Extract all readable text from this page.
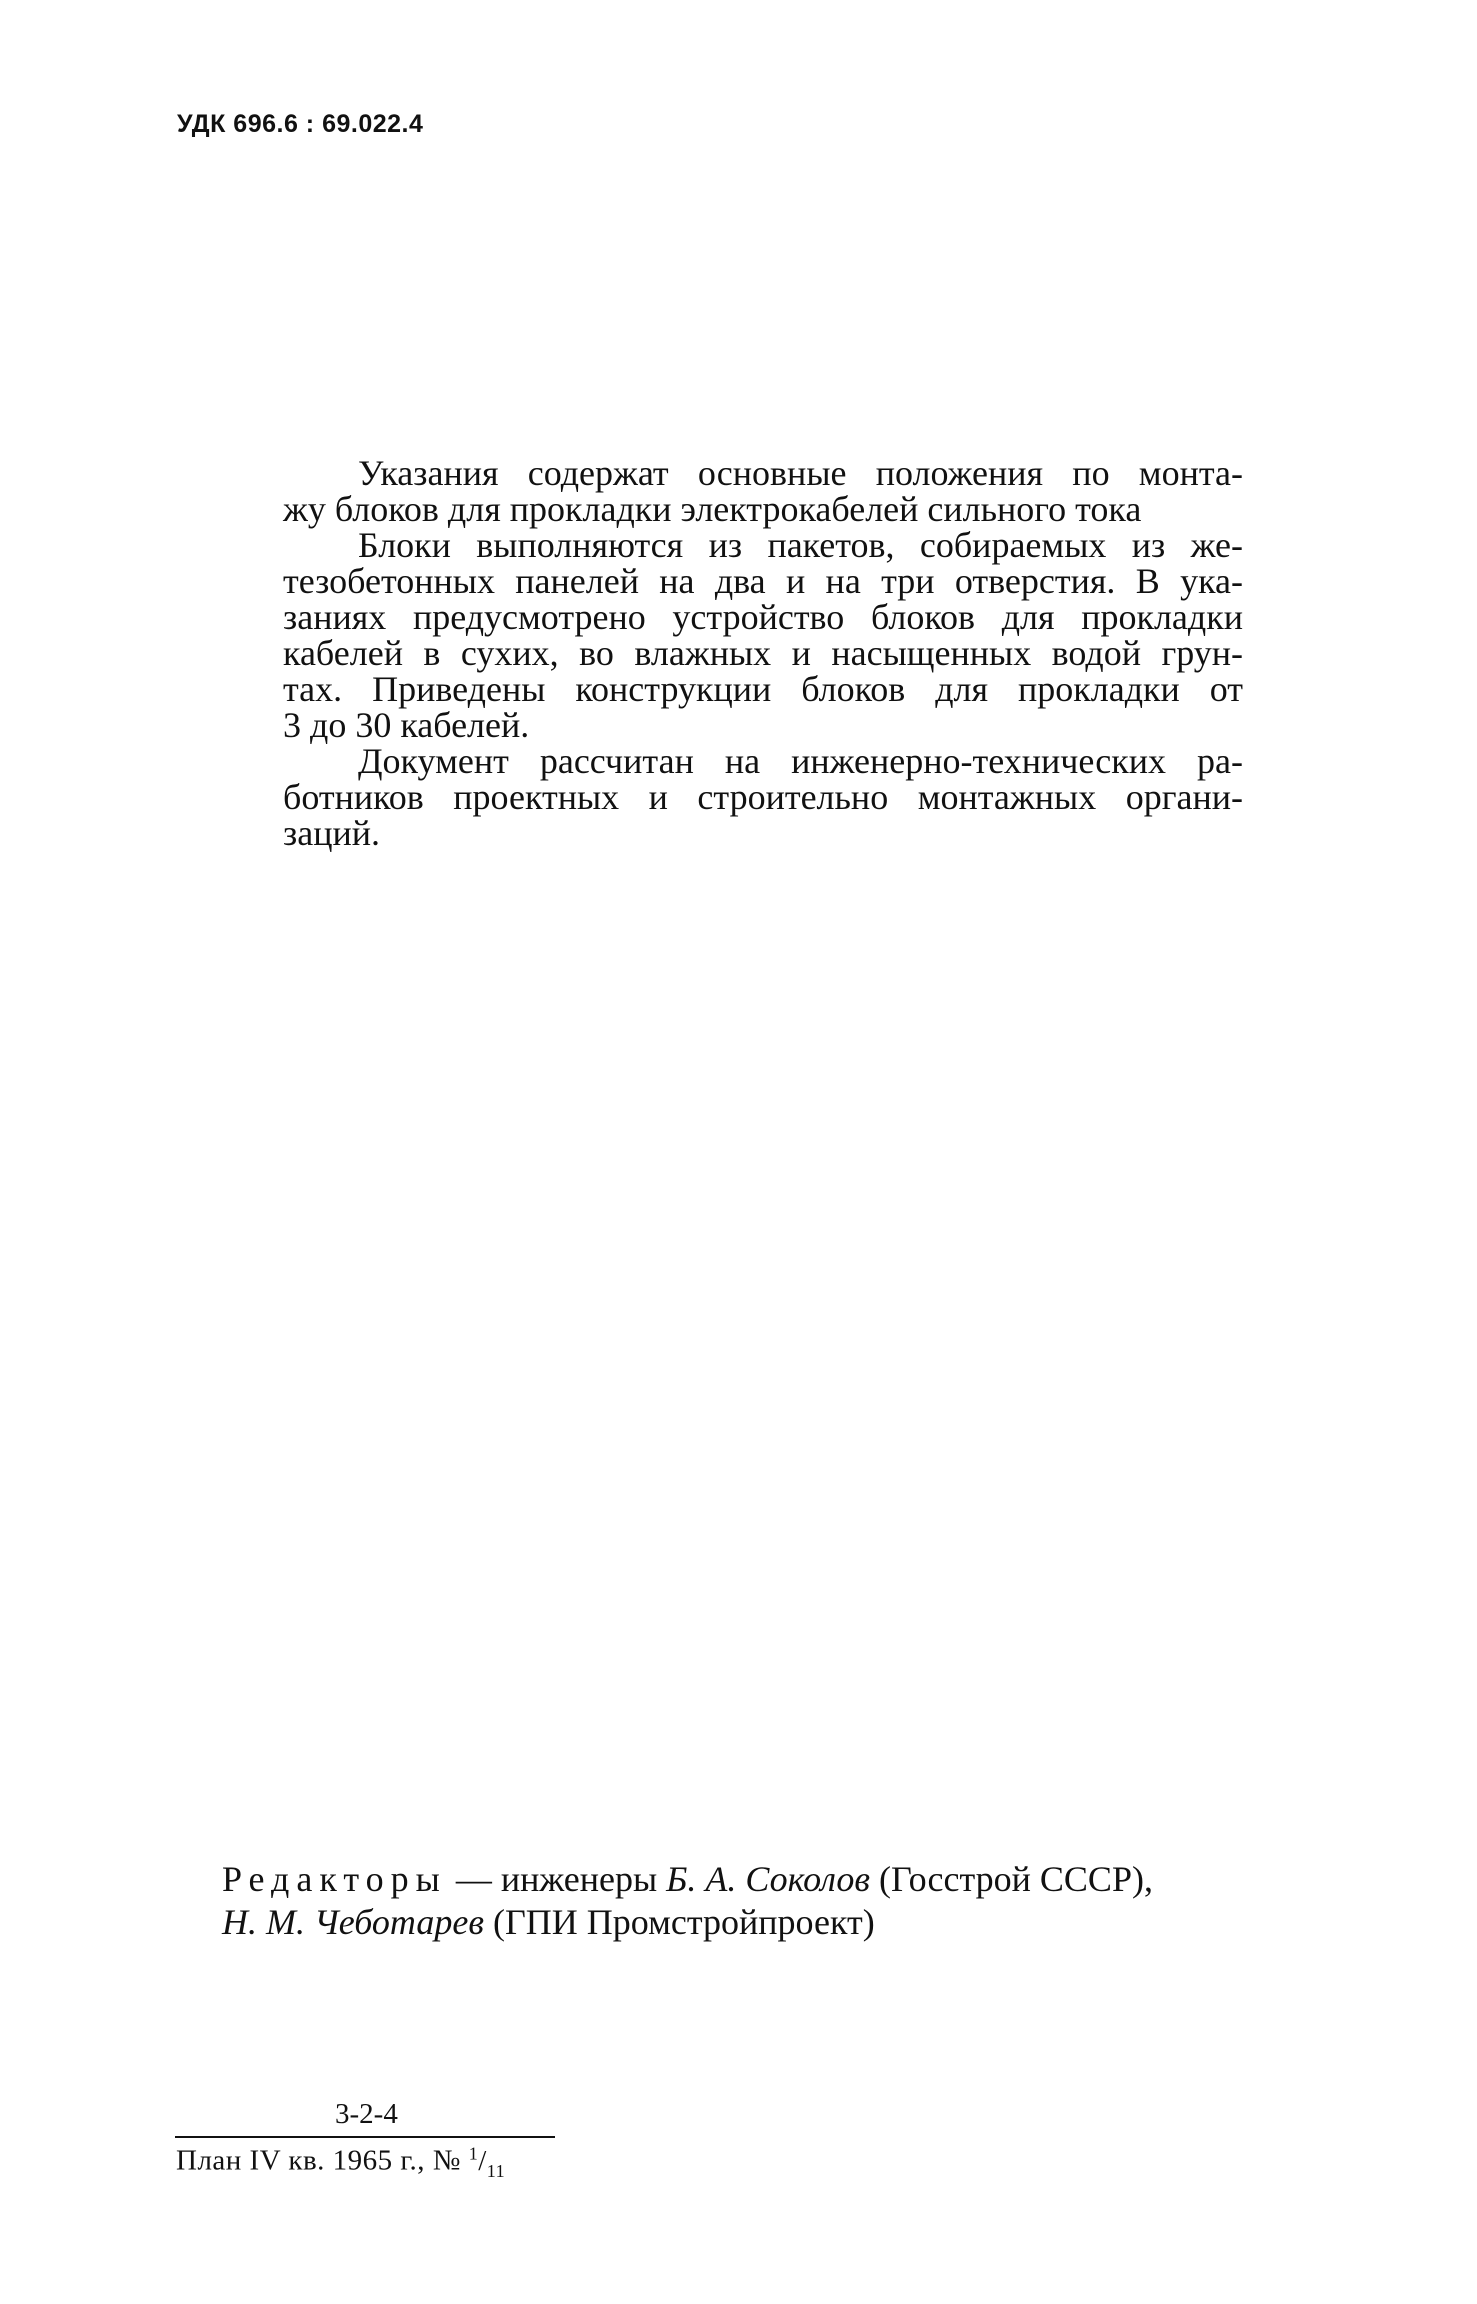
УДК 696.6 : 69.022.4
Указания содержат основные положения по монта-
жу блоков для прокладки электрокабелей сильного тока
Блоки выполняются из пакетов, собираемых из же-
тезобетонных панелей на два и на три отверстия. В ука-
заниях предусмотрено устройство блоков для прокладки
кабелей в сухих, во влажных и насыщенных водой грун-
тах. Приведены конструкции блоков для прокладки от
3 до 30 кабелей.
Документ рассчитан на инженерно-технических ра-
ботников проектных и строительно монтажных органи-
заций.
Редакторы — инженеры Б. А. Соколов (Госстрой СССР),
Н. М. Чеботарев (ГПИ Промстройпроект)
3-2-4
План IV кв. 1965 г., № $^1/_{11}$
